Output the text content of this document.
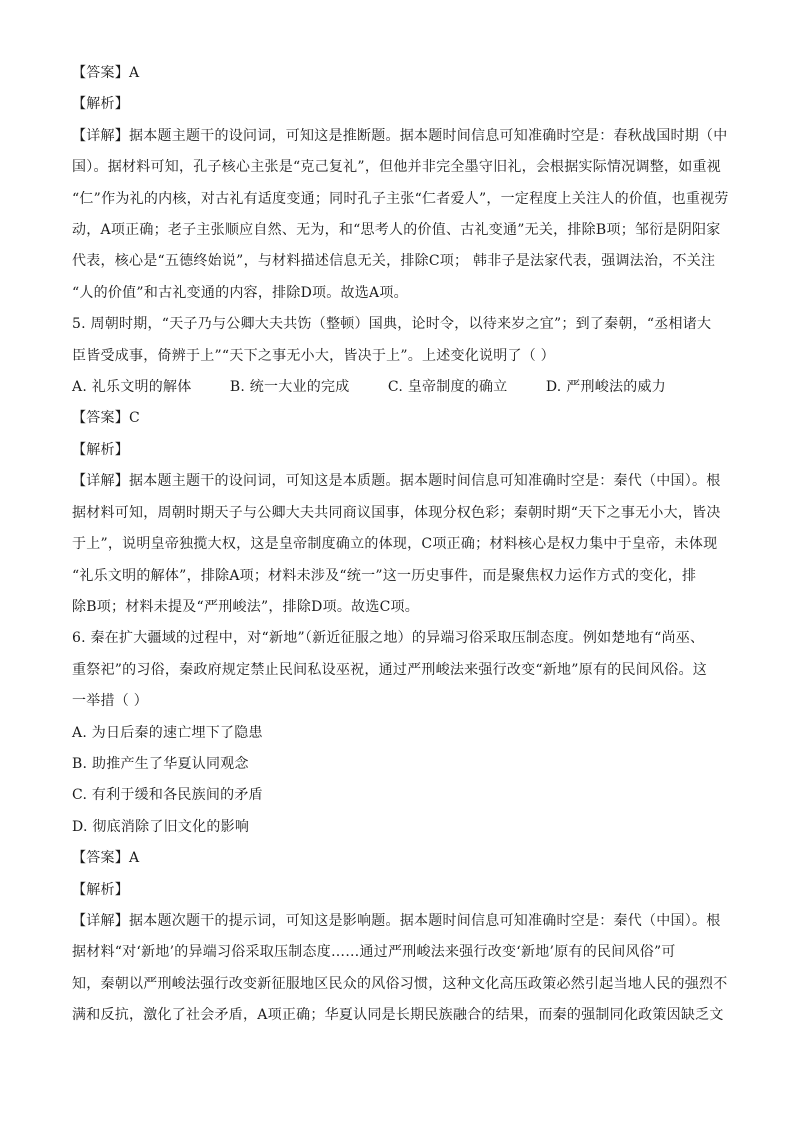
【答案】A
【解析】
【详解】据本题主题干的设问词，可知这是推断题。据本题时间信息可知准确时空是：春秋战国时期（中
国）。据材料可知，孔子核心主张是“克己复礼”，但他并非完全墨守旧礼，会根据实际情况调整，如重视
“仁”作为礼的内核，对古礼有适度变通；同时孔子主张“仁者爱人”，一定程度上关注人的价值，也重视劳
动，A项正确；老子主张顺应自然、无为，和“思考人的价值、古礼变通”无关，排除B项；邹衍是阴阳家
代表，核心是“五德终始说”，与材料描述信息无关，排除C项； 韩非子是法家代表，强调法治，不关注
“人的价值”和古礼变通的内容，排除D项。故选A项。
5. 周朝时期，“天子乃与公卿大夫共饬（整顿）国典，论时令，以待来岁之宜”；到了秦朝，“丞相诸大
臣皆受成事，倚辨于上”“天下之事无小大，皆决于上”。上述变化说明了（ ）
A. 礼乐文明的解体	B. 统一大业的完成	C. 皇帝制度的确立	D. 严刑峻法的威力
【答案】C
【解析】
【详解】据本题主题干的设问词，可知这是本质题。据本题时间信息可知准确时空是：秦代（中国）。根
据材料可知，周朝时期天子与公卿大夫共同商议国事，体现分权色彩；秦朝时期“天下之事无小大，皆决
于上”，说明皇帝独揽大权，这是皇帝制度确立的体现，C项正确；材料核心是权力集中于皇帝，未体现
“礼乐文明的解体”，排除A项；材料未涉及“统一”这一历史事件，而是聚焦权力运作方式的变化，排
除B项；材料未提及“严刑峻法”，排除D项。故选C项。
6. 秦在扩大疆域的过程中，对“新地”（新近征服之地）的异端习俗采取压制态度。例如楚地有“尚巫、
重祭祀”的习俗，秦政府规定禁止民间私设巫祝，通过严刑峻法来强行改变“新地”原有的民间风俗。这
一举措（ ）
A. 为日后秦的速亡埋下了隐患
B. 助推产生了华夏认同观念
C. 有利于缓和各民族间的矛盾
D. 彻底消除了旧文化的影响
【答案】A
【解析】
【详解】据本题次题干的提示词，可知这是影响题。据本题时间信息可知准确时空是：秦代（中国）。根
据材料“对‘新地’的异端习俗采取压制态度……通过严刑峻法来强行改变‘新地’原有的民间风俗”可
知，秦朝以严刑峻法强行改变新征服地区民众的风俗习惯，这种文化高压政策必然引起当地人民的强烈不
满和反抗，激化了社会矛盾，A项正确；华夏认同是长期民族融合的结果，而秦的强制同化政策因缺乏文
